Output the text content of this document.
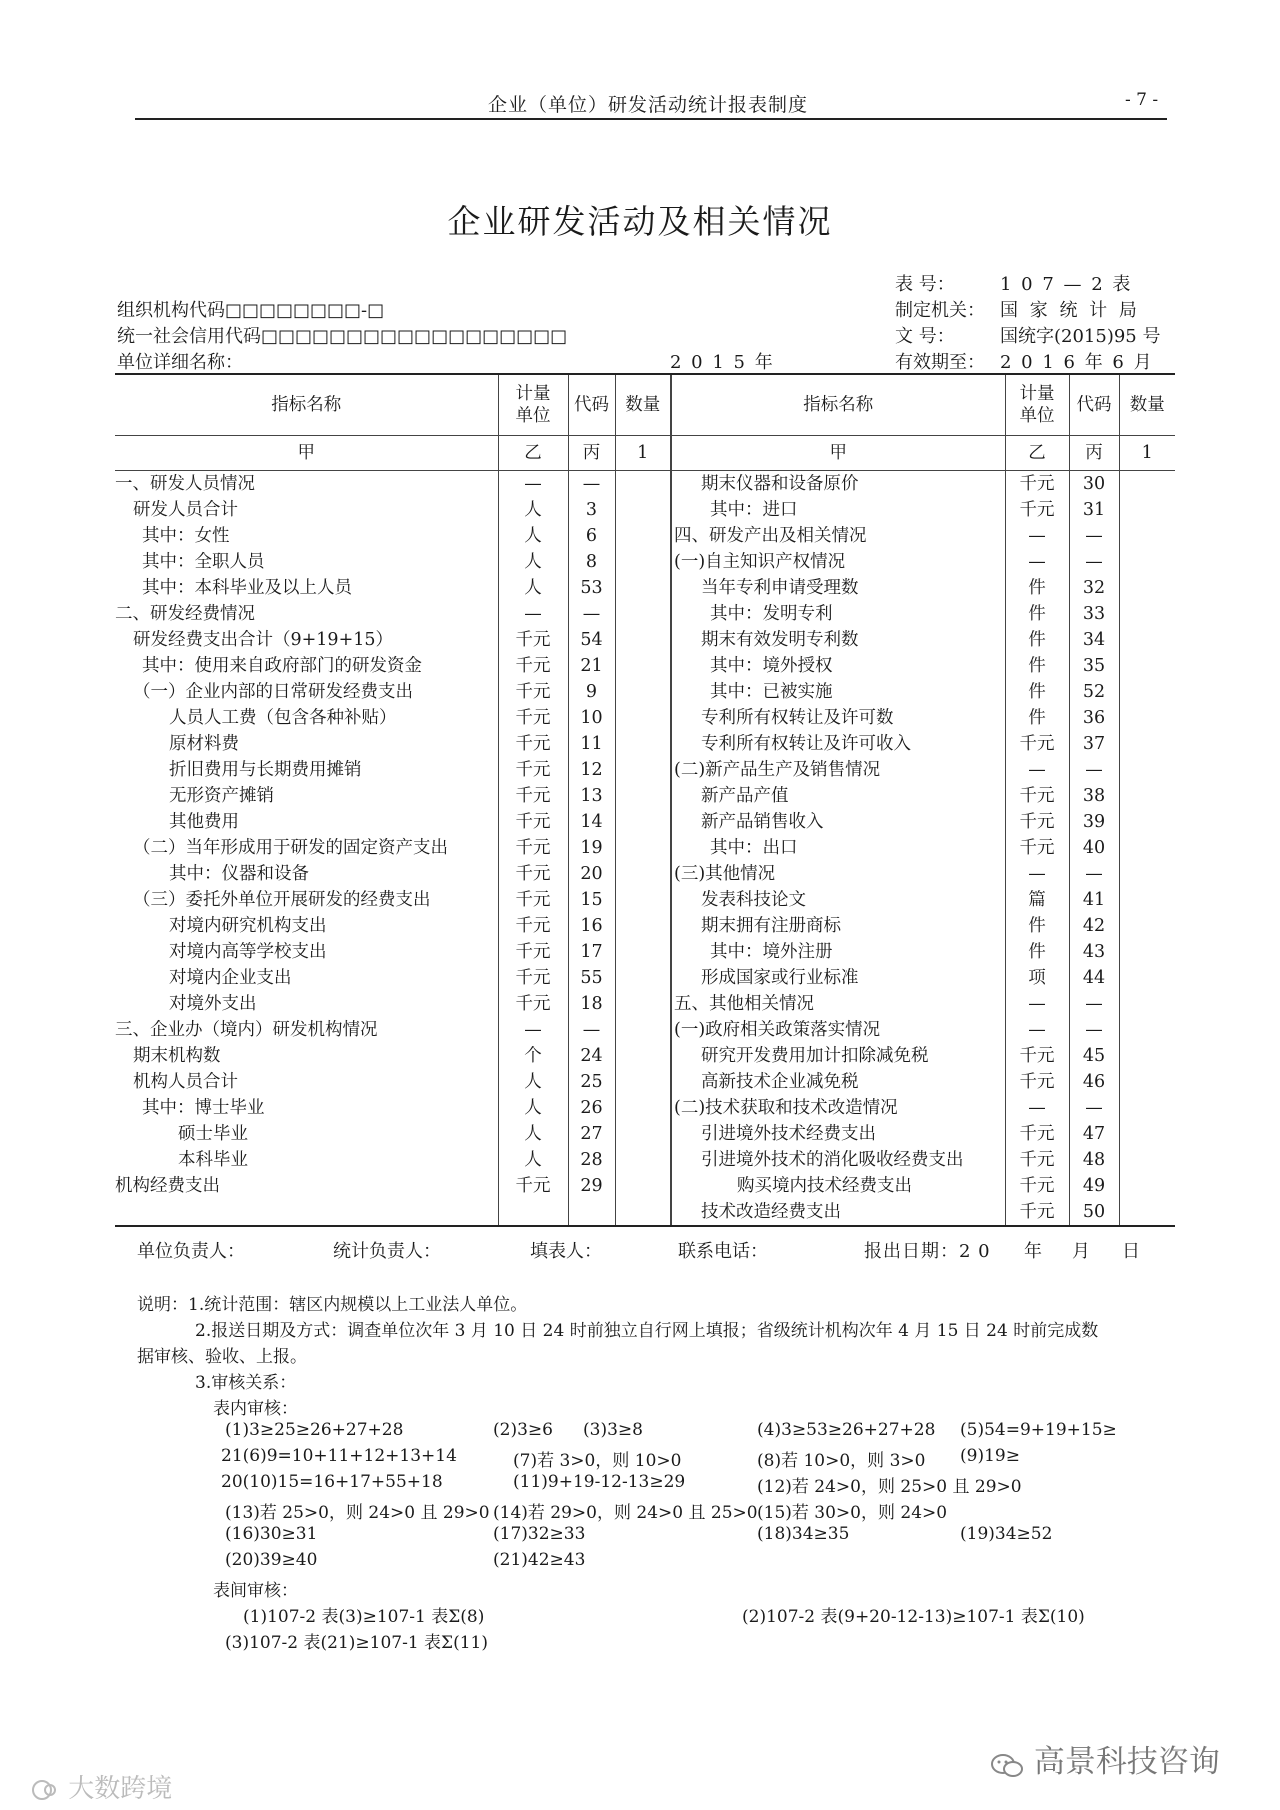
企业（单位）研发活动统计报表制度	- 7 -
企业研发活动及相关情况
表 号：	1 0 7 — 2 表
组织机构代码□□□□□□□□-□	制定机关： 国 家 统 计 局
统一社会信用代码□□□□□□□□□□□□□□□□□□	文 号：	国统字(2015)95 号
单位详细名称：	2 0 1 5 年	有效期至： 2 0 1 6 年 6 月
指标名称	计量单位	代码	数量	指标名称	计量单位	代码	数量
甲	乙	丙	1	甲	乙	丙	1
一、研发人员情况	—	—		期末仪器和设备原价	千元	30	
研发人员合计	人	3		其中：进口	千元	31	
其中：女性	人	6		四、研发产出及相关情况	—	—	
其中：全职人员	人	8		(一)自主知识产权情况	—	—	
其中：本科毕业及以上人员	人	53		当年专利申请受理数	件	32	
二、研发经费情况	—	—		其中：发明专利	件	33	
研发经费支出合计（9+19+15）	千元	54		期末有效发明专利数	件	34	
其中：使用来自政府部门的研发资金	千元	21		其中：境外授权	件	35	
（一）企业内部的日常研发经费支出	千元	9		其中：已被实施	件	52	
人员人工费（包含各种补贴）	千元	10		专利所有权转让及许可数	件	36	
原材料费	千元	11		专利所有权转让及许可收入	千元	37	
折旧费用与长期费用摊销	千元	12		(二)新产品生产及销售情况	—	—	
无形资产摊销	千元	13		新产品产值	千元	38	
其他费用	千元	14		新产品销售收入	千元	39	
（二）当年形成用于研发的固定资产支出	千元	19		其中：出口	千元	40	
其中：仪器和设备	千元	20		(三)其他情况	—	—	
（三）委托外单位开展研发的经费支出	千元	15		发表科技论文	篇	41	
对境内研究机构支出	千元	16		期末拥有注册商标	件	42	
对境内高等学校支出	千元	17		其中：境外注册	件	43	
对境内企业支出	千元	55		形成国家或行业标准	项	44	
对境外支出	千元	18		五、其他相关情况	—	—	
三、企业办（境内）研发机构情况	—	—		(一)政府相关政策落实情况	—	—	
期末机构数	个	24		研究开发费用加计扣除减免税	千元	45	
机构人员合计	人	25		高新技术企业减免税	千元	46	
其中：博士毕业	人	26		(二)技术获取和技术改造情况	—	—	
硕士毕业	人	27		引进境外技术经费支出	千元	47	
本科毕业	人	28		引进境外技术的消化吸收经费支出	千元	48	
机构经费支出	千元	29		购买境内技术经费支出	千元	49	
				技术改造经费支出	千元	50	
单位负责人：	统计负责人：	填表人：	联系电话：	报出日期：2 0 年 月 日
说明：1.统计范围：辖区内规模以上工业法人单位。
2.报送日期及方式：调查单位次年 3 月 10 日 24 时前独立自行网上填报；省级统计机构次年 4 月 15 日 24 时前完成数
据审核、验收、上报。
3.审核关系：
表内审核：
(1)3≥25≥26+27+28	(2)3≥6 (3)3≥8	(4)3≥53≥26+27+28 (5)54=9+19+15≥
21(6)9=10+11+12+13+14	(7)若 3>0，则 10>0	(8)若 10>0，则 3>0 (9)19≥
20(10)15=16+17+55+18	(11)9+19-12-13≥29	(12)若 24>0，则 25>0 且 29>0
(13)若 25>0，则 24>0 且 29>0 (14)若 29>0，则 24>0 且 25>0 (15)若 30>0，则 24>0
(16)30≥31	(17)32≥33	(18)34≥35	(19)34≥52
(20)39≥40	(21)42≥43
表间审核：
(1)107-2 表(3)≥107-1 表Σ(8)	(2)107-2 表(9+20-12-13)≥107-1 表Σ(10)
(3)107-2 表(21)≥107-1 表Σ(11)
高景科技咨询
大数跨境
